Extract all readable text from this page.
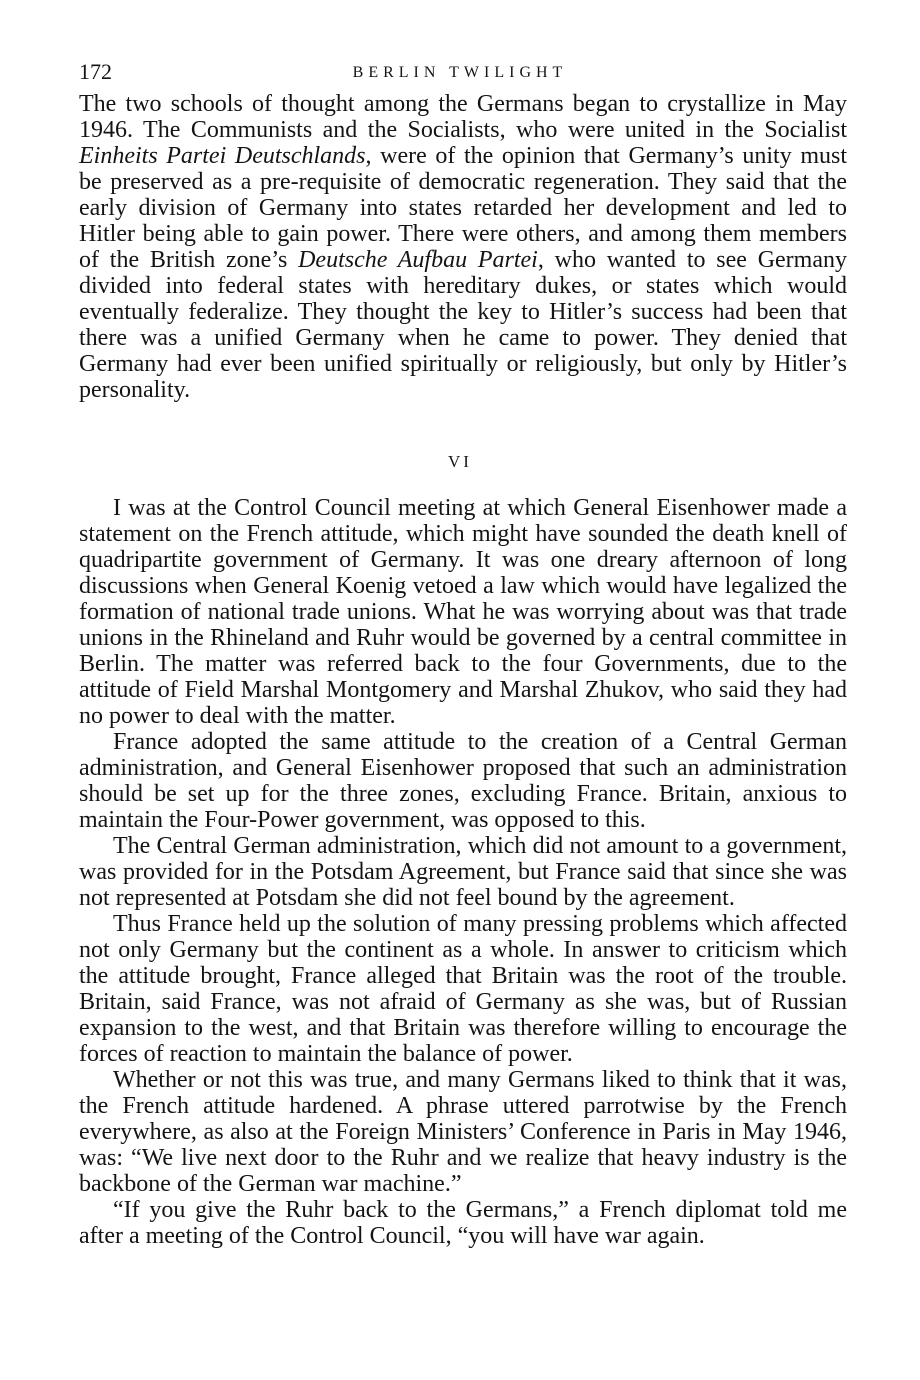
172	BERLIN TWILIGHT

The two schools of thought among the Germans began to crystallize in May 1946. The Communists and the Socialists, who were united in the Socialist Einheits Partei Deutschlands, were of the opinion that Germany’s unity must be preserved as a pre-requisite of democratic regeneration. They said that the early division of Germany into states retarded her development and led to Hitler being able to gain power. There were others, and among them members of the British zone’s Deutsche Aufbau Partei, who wanted to see Germany divided into federal states with hereditary dukes, or states which would eventually federalize. They thought the key to Hitler’s success had been that there was a unified Germany when he came to power. They denied that Germany had ever been unified spiritually or religiously, but only by Hitler’s personality.

VI

I was at the Control Council meeting at which General Eisenhower made a statement on the French attitude, which might have sounded the death knell of quadripartite government of Germany. It was one dreary afternoon of long discussions when General Koenig vetoed a law which would have legalized the formation of national trade unions. What he was worrying about was that trade unions in the Rhineland and Ruhr would be governed by a central committee in Berlin. The matter was referred back to the four Governments, due to the attitude of Field Marshal Montgomery and Marshal Zhukov, who said they had no power to deal with the matter.

France adopted the same attitude to the creation of a Central German administration, and General Eisenhower proposed that such an administration should be set up for the three zones, excluding France. Britain, anxious to maintain the Four-Power government, was opposed to this.

The Central German administration, which did not amount to a government, was provided for in the Potsdam Agreement, but France said that since she was not represented at Potsdam she did not feel bound by the agreement.

Thus France held up the solution of many pressing problems which affected not only Germany but the continent as a whole. In answer to criticism which the attitude brought, France alleged that Britain was the root of the trouble. Britain, said France, was not afraid of Germany as she was, but of Russian expansion to the west, and that Britain was therefore willing to encourage the forces of reaction to maintain the balance of power.

Whether or not this was true, and many Germans liked to think that it was, the French attitude hardened. A phrase uttered parrotwise by the French everywhere, as also at the Foreign Ministers’ Conference in Paris in May 1946, was: “We live next door to the Ruhr and we realize that heavy industry is the backbone of the German war machine.”

“If you give the Ruhr back to the Germans,” a French diplomat told me after a meeting of the Control Council, “you will have war again.
